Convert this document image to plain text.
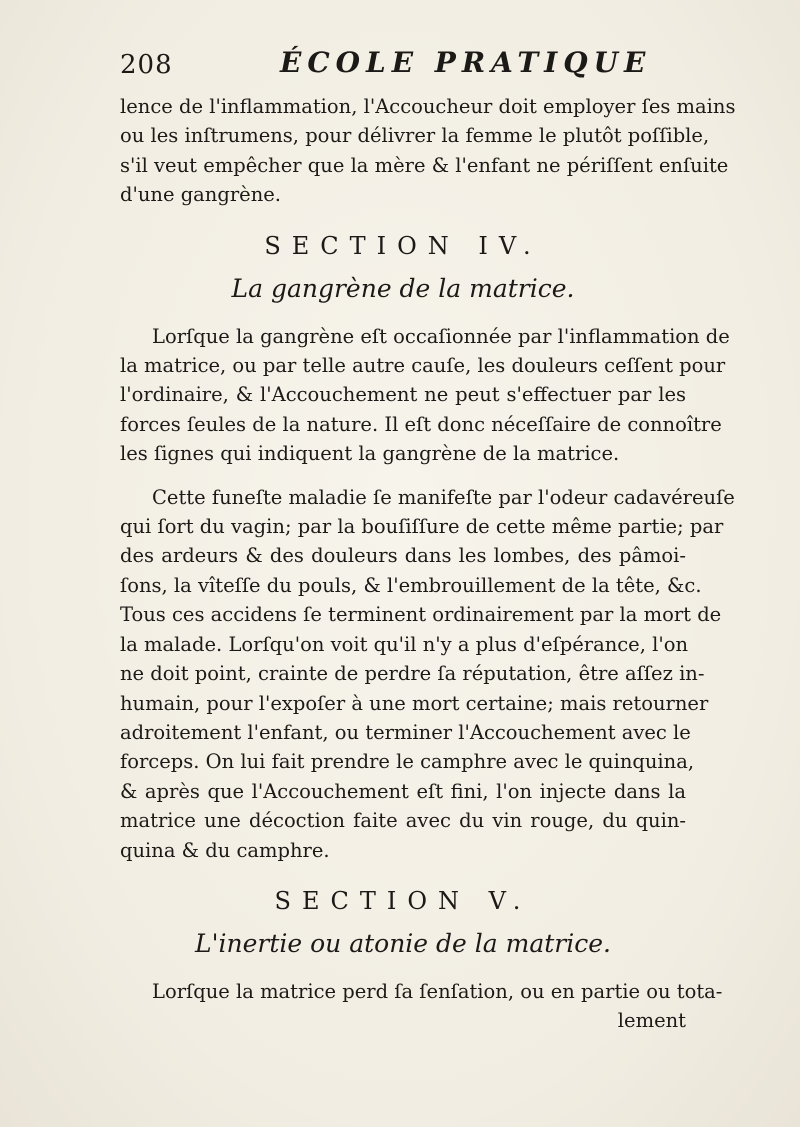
208	ÉCOLE PRATIQUE
lence de l'inflammation, l'Accoucheur doit employer ſes mains
ou les inſtrumens, pour délivrer la femme le plutôt poſſible,
s'il veut empêcher que la mère & l'enfant ne périſſent enſuite
d'une gangrène.
SECTION IV.
La gangrène de la matrice.
Lorſque la gangrène eſt occaſionnée par l'inflammation de
la matrice, ou par telle autre cauſe, les douleurs ceſſent pour
l'ordinaire, & l'Accouchement ne peut s'effectuer par les
forces ſeules de la nature. Il eſt donc néceſſaire de connoître
les ſignes qui indiquent la gangrène de la matrice.
Cette funeſte maladie ſe manifeſte par l'odeur cadavéreuſe
qui ſort du vagin; par la bouſiſſure de cette même partie; par
des ardeurs & des douleurs dans les lombes, des pâmoi-
ſons, la vîteſſe du pouls, & l'embrouillement de la tête, &c.
Tous ces accidens ſe terminent ordinairement par la mort de
la malade. Lorſqu'on voit qu'il n'y a plus d'eſpérance, l'on
ne doit point, crainte de perdre ſa réputation, être aſſez in-
humain, pour l'expoſer à une mort certaine; mais retourner
adroitement l'enfant, ou terminer l'Accouchement avec le
forceps. On lui fait prendre le camphre avec le quinquina,
& après que l'Accouchement eſt fini, l'on injecte dans la
matrice une décoction faite avec du vin rouge, du quin-
quina & du camphre.
SECTION V.
L'inertie ou atonie de la matrice.
Lorſque la matrice perd ſa ſenſation, ou en partie ou tota-
lement
